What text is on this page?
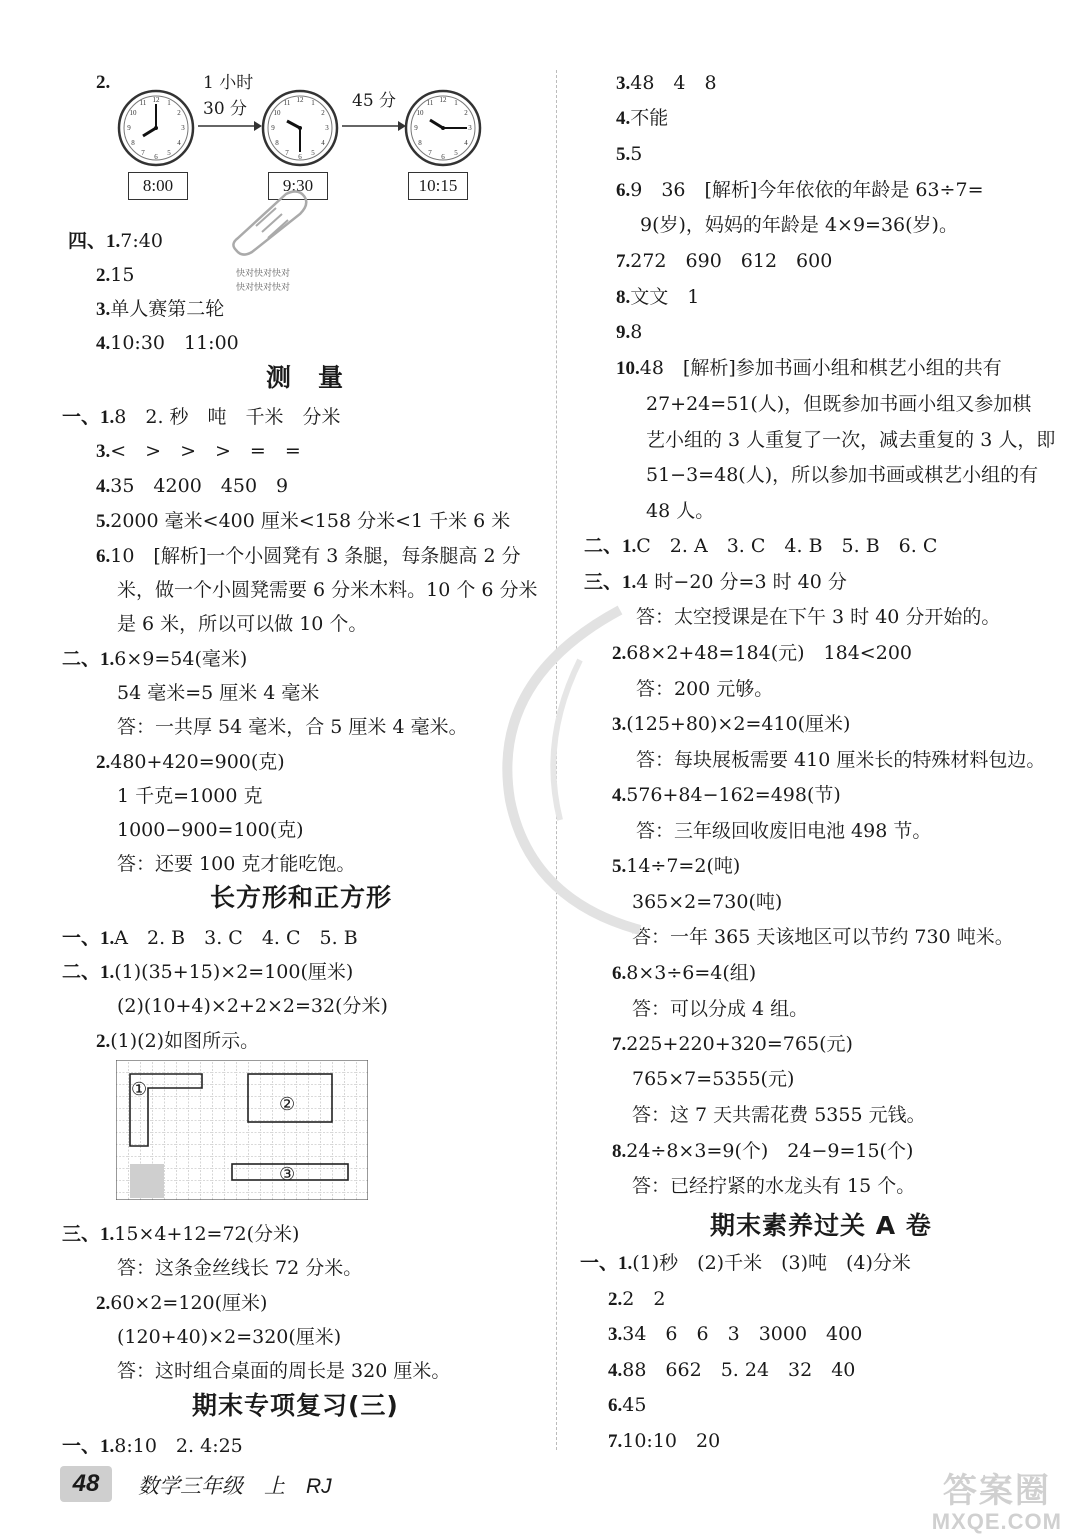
2.
12 1
2
3
4
5
6
7
8
9
10
11	12 1
2
3
4
5
6
7
8
9
10
11	12 1
2
3
4
5
6
7
8
9
10
11
1 小时
30 分	45 分
8:00	9:30	10:15
快对快对快对
快对快对快对
四、1.7:40
2.15
3.单人赛第二轮
4.10:30　11:00
测　量
一、1.8　2. 秒　吨　千米　分米
3.<　>　>　>　=　=
4.35　4200　450　9
5.2000 毫米<400 厘米<158 分米<1 千米 6 米
6.10　[解析]一个小圆凳有 3 条腿，每条腿高 2 分
米，做一个小圆凳需要 6 分米木料。10 个 6 分米
是 6 米，所以可以做 10 个。
二、1.6×9=54(毫米)
54 毫米=5 厘米 4 毫米
答：一共厚 54 毫米，合 5 厘米 4 毫米。
2.480+420=900(克)
1 千克=1000 克
1000−900=100(克)
答：还要 100 克才能吃饱。
长方形和正方形
一、1.A　2. B　3. C　4. C　5. B
二、1.(1)(35+15)×2=100(厘米)
(2)(10+4)×2+2×2=32(分米)
2.(1)(2)如图所示。
①
②
③
三、1.15×4+12=72(分米)
答：这条金丝线长 72 分米。
2.60×2=120(厘米)
(120+40)×2=320(厘米)
答：这时组合桌面的周长是 320 厘米。
期末专项复习(三)
一、1.8:10　2. 4:25
3.48　4　8
4.不能
5.5
6.9　36　[解析]今年依依的年龄是 63÷7=
9(岁)，妈妈的年龄是 4×9=36(岁)。
7.272　690　612　600
8.文文　1
9.8
10.48　[解析]参加书画小组和棋艺小组的共有
27+24=51(人)，但既参加书画小组又参加棋
艺小组的 3 人重复了一次，减去重复的 3 人，即
51−3=48(人)，所以参加书画或棋艺小组的有
48 人。
二、1.C　2. A　3. C　4. B　5. B　6. C
三、1.4 时−20 分=3 时 40 分
答：太空授课是在下午 3 时 40 分开始的。
2.68×2+48=184(元)　184<200
答：200 元够。
3.(125+80)×2=410(厘米)
答：每块展板需要 410 厘米长的特殊材料包边。
4.576+84−162=498(节)
答：三年级回收废旧电池 498 节。
5.14÷7=2(吨)
365×2=730(吨)
答：一年 365 天该地区可以节约 730 吨米。
6.8×3÷6=4(组)
答：可以分成 4 组。
7.225+220+320=765(元)
765×7=5355(元)
答：这 7 天共需花费 5355 元钱。
8.24÷8×3=9(个)　24−9=15(个)
答：已经拧紧的水龙头有 15 个。
期末素养过关 A 卷
一、1.(1)秒　(2)千米　(3)吨　(4)分米
2.2　2
3.34　6　6　3　3000　400
4.88　662　5. 24　32　40
6.45
7.10:10　20
48	数学三年级　上　RJ	答案圈
MXQE.COM
